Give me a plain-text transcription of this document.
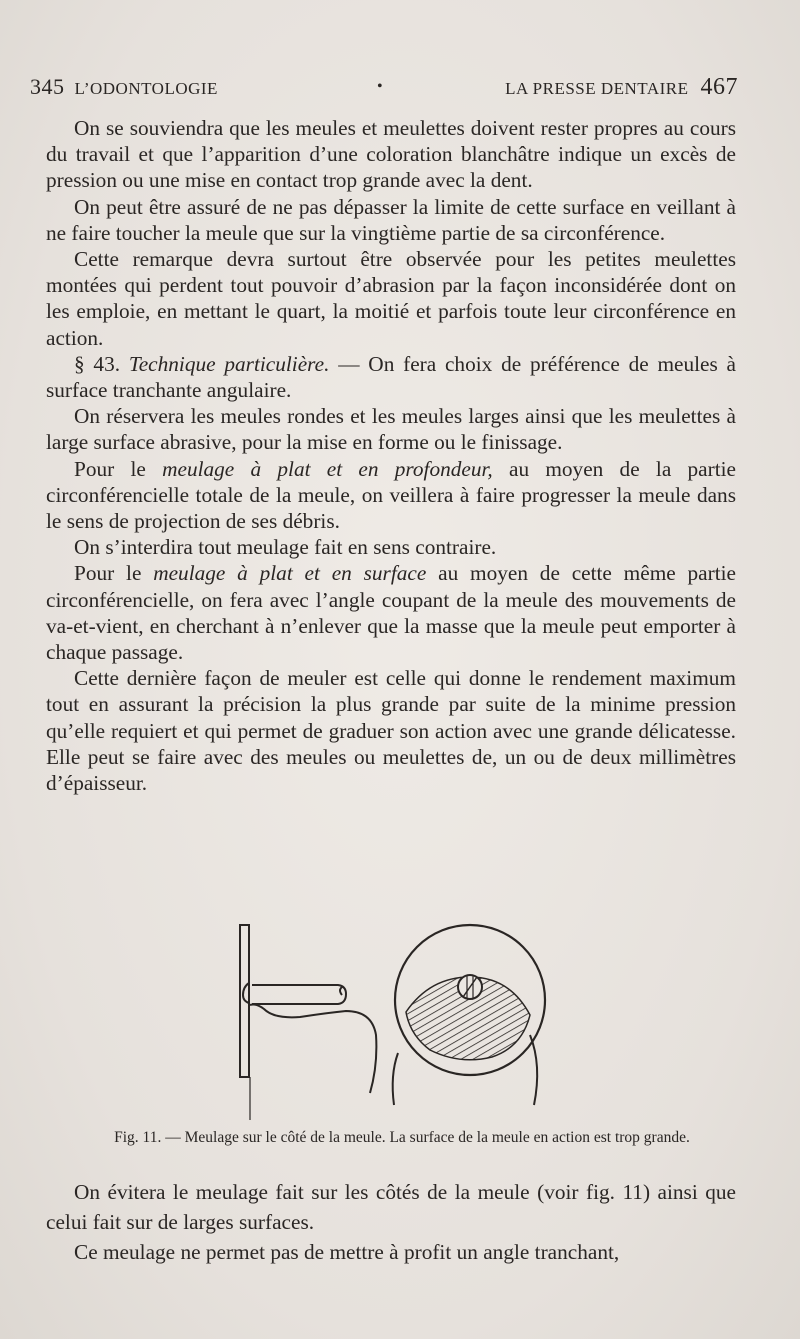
345 L’ODONTOLOGIE	•	LA PRESSE DENTAIRE 467

On se souviendra que les meules et meulettes doivent rester propres au cours du travail et que l’apparition d’une coloration blanchâtre indique un excès de pression ou une mise en contact trop grande avec la dent.

On peut être assuré de ne pas dépasser la limite de cette surface en veillant à ne faire toucher la meule que sur la vingtième partie de sa circonférence.

Cette remarque devra surtout être observée pour les petites meulettes montées qui perdent tout pouvoir d’abrasion par la façon inconsidérée dont on les emploie, en mettant le quart, la moitié et parfois toute leur circonférence en action.

§ 43. Technique particulière. — On fera choix de préférence de meules à surface tranchante angulaire.

On réservera les meules rondes et les meules larges ainsi que les meulettes à large surface abrasive, pour la mise en forme ou le finissage.

Pour le meulage à plat et en profondeur, au moyen de la partie circonférencielle totale de la meule, on veillera à faire progresser la meule dans le sens de projection de ses débris.

On s’interdira tout meulage fait en sens contraire.

Pour le meulage à plat et en surface au moyen de cette même partie circonférencielle, on fera avec l’angle coupant de la meule des mouvements de va-et-vient, en cherchant à n’enlever que la masse que la meule peut emporter à chaque passage.

Cette dernière façon de meuler est celle qui donne le rendement maximum tout en assurant la précision la plus grande par suite de la minime pression qu’elle requiert et qui permet de graduer son action avec une grande délicatesse. Elle peut se faire avec des meules ou meulettes de, un ou de deux millimètres d’épaisseur.

Fig. 11. — Meulage sur le côté de la meule. La surface de la meule en action est trop grande.

On évitera le meulage fait sur les côtés de la meule (voir fig. 11) ainsi que celui fait sur de larges surfaces.

Ce meulage ne permet pas de mettre à profit un angle tranchant,
